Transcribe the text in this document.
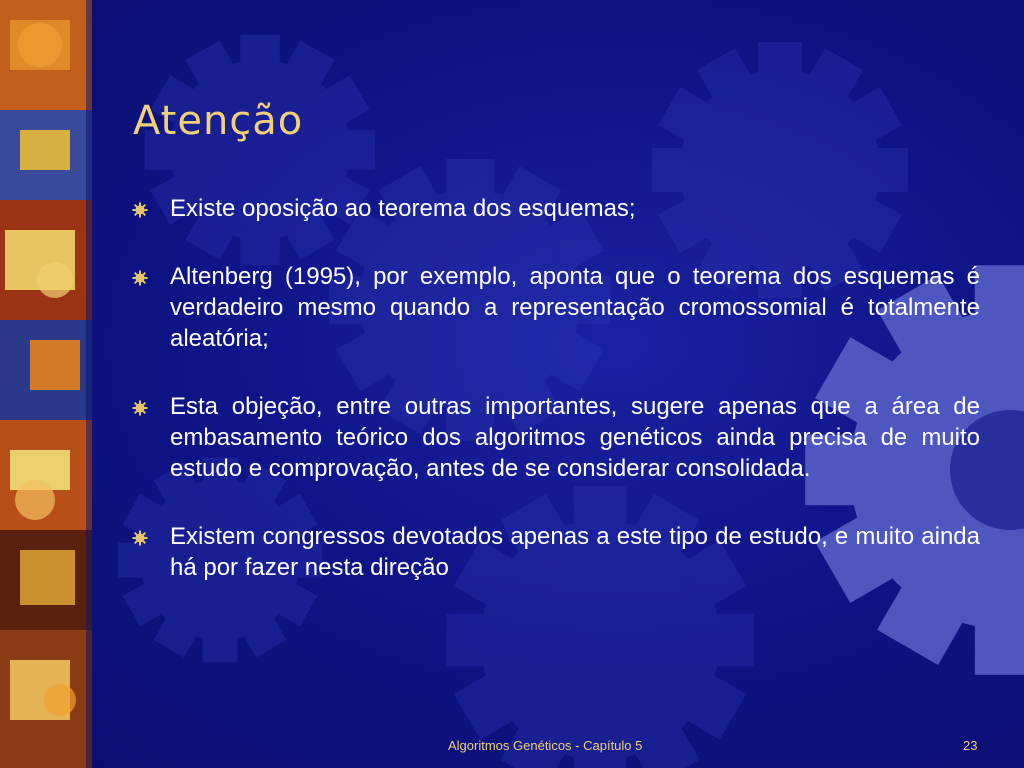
Atenção
Existe oposição ao teorema dos esquemas;
Altenberg (1995), por exemplo, aponta que o teorema dos esquemas é verdadeiro mesmo quando a representação cromossomial é totalmente aleatória;
Esta objeção, entre outras importantes, sugere apenas que a área de embasamento teórico dos algoritmos genéticos ainda precisa de muito estudo e comprovação, antes de se considerar consolidada.
Existem congressos devotados apenas a este tipo de estudo, e muito ainda há por fazer nesta direção
Algoritmos Genéticos - Capítulo 5	23
